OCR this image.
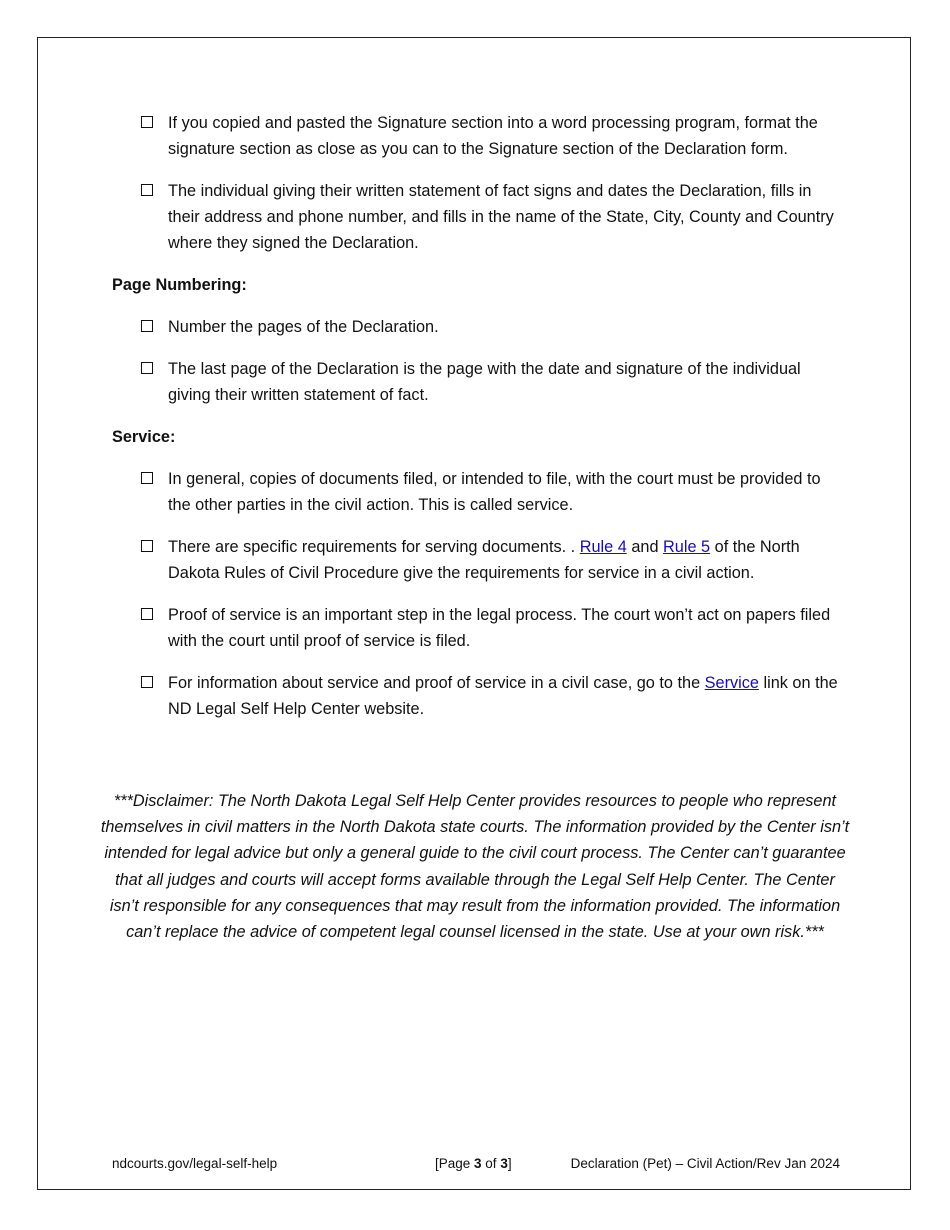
If you copied and pasted the Signature section into a word processing program, format the signature section as close as you can to the Signature section of the Declaration form.
The individual giving their written statement of fact signs and dates the Declaration, fills in their address and phone number, and fills in the name of the State, City, County and Country where they signed the Declaration.
Page Numbering:
Number the pages of the Declaration.
The last page of the Declaration is the page with the date and signature of the individual giving their written statement of fact.
Service:
In general, copies of documents filed, or intended to file, with the court must be provided to the other parties in the civil action. This is called service.
There are specific requirements for serving documents. . Rule 4 and Rule 5 of the North Dakota Rules of Civil Procedure give the requirements for service in a civil action.
Proof of service is an important step in the legal process. The court won’t act on papers filed with the court until proof of service is filed.
For information about service and proof of service in a civil case, go to the Service link on the ND Legal Self Help Center website.
***Disclaimer: The North Dakota Legal Self Help Center provides resources to people who represent themselves in civil matters in the North Dakota state courts. The information provided by the Center isn’t intended for legal advice but only a general guide to the civil court process. The Center can’t guarantee that all judges and courts will accept forms available through the Legal Self Help Center. The Center isn’t responsible for any consequences that may result from the information provided. The information can’t replace the advice of competent legal counsel licensed in the state. Use at your own risk.***
ndcourts.gov/legal-self-help	[Page 3 of 3]	Declaration (Pet) – Civil Action/Rev Jan 2024
